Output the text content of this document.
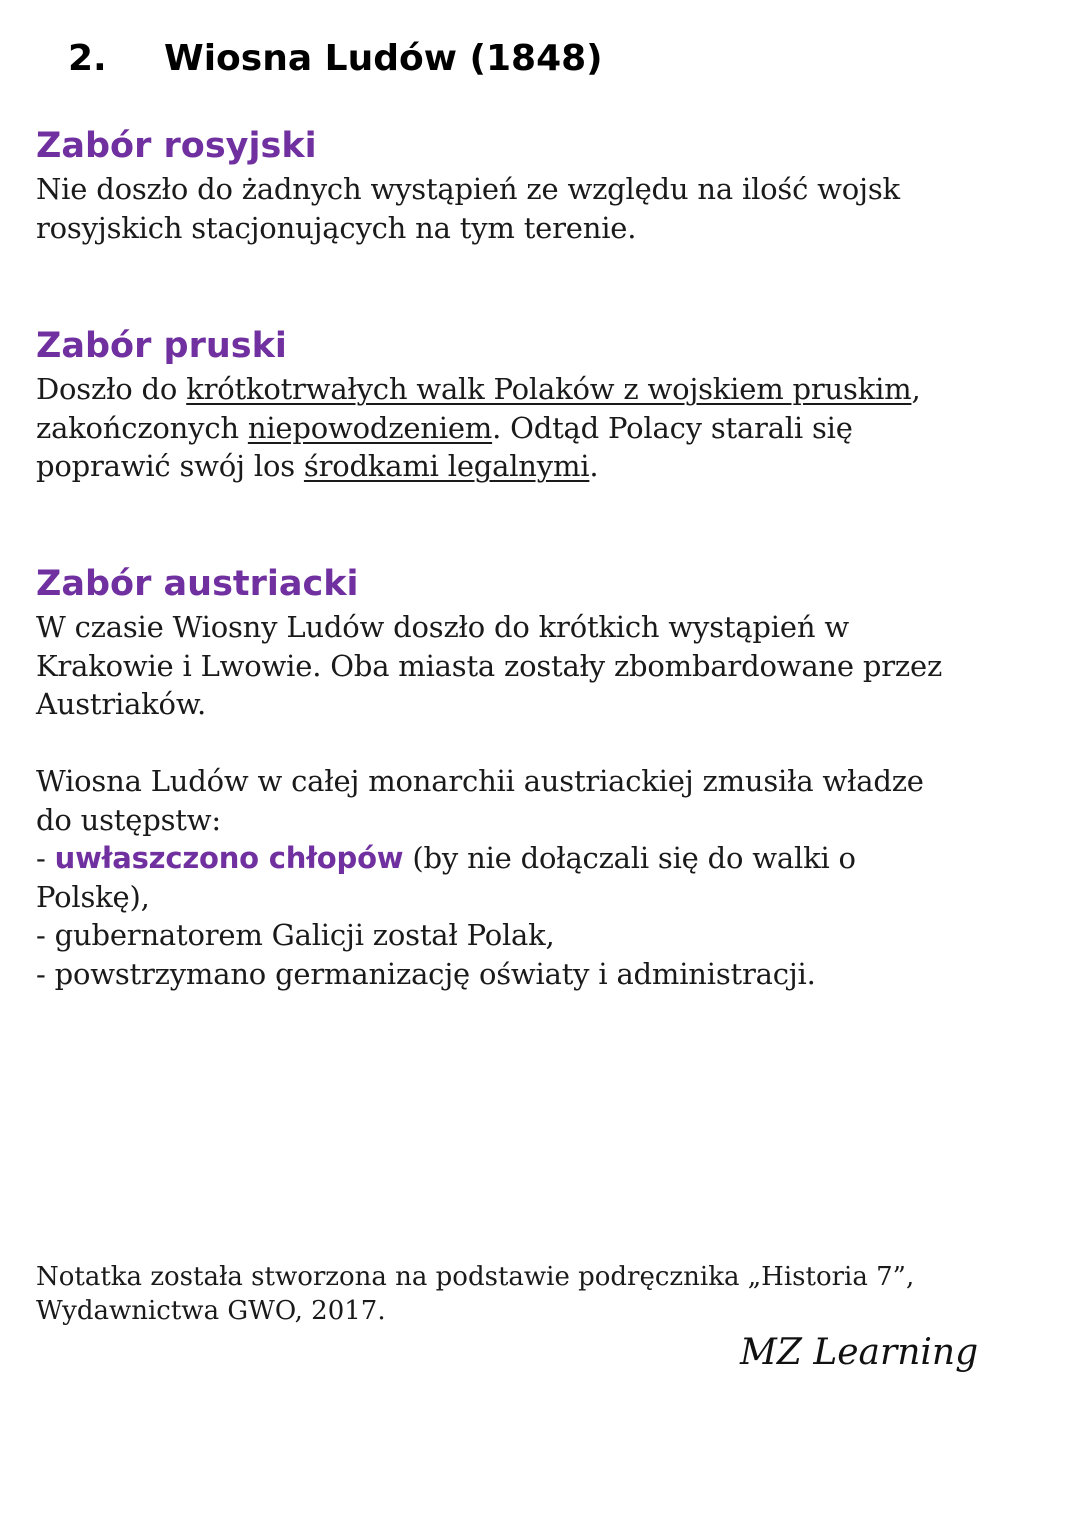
2. Wiosna Ludów (1848)
Zabór rosyjski
Nie doszło do żadnych wystąpień ze względu na ilość wojsk
rosyjskich stacjonujących na tym terenie.
Zabór pruski
Doszło do krótkotrwałych walk Polaków z wojskiem pruskim,
zakończonych niepowodzeniem. Odtąd Polacy starali się
poprawić swój los środkami legalnymi.
Zabór austriacki
W czasie Wiosny Ludów doszło do krótkich wystąpień w
Krakowie i Lwowie. Oba miasta zostały zbombardowane przez
Austriaków.
Wiosna Ludów w całej monarchii austriackiej zmusiła władze
do ustępstw:
- uwłaszczono chłopów (by nie dołączali się do walki o
Polskę),
- gubernatorem Galicji został Polak,
- powstrzymano germanizację oświaty i administracji.
Notatka została stworzona na podstawie podręcznika „Historia 7”,
Wydawnictwa GWO, 2017.
MZ Learning
